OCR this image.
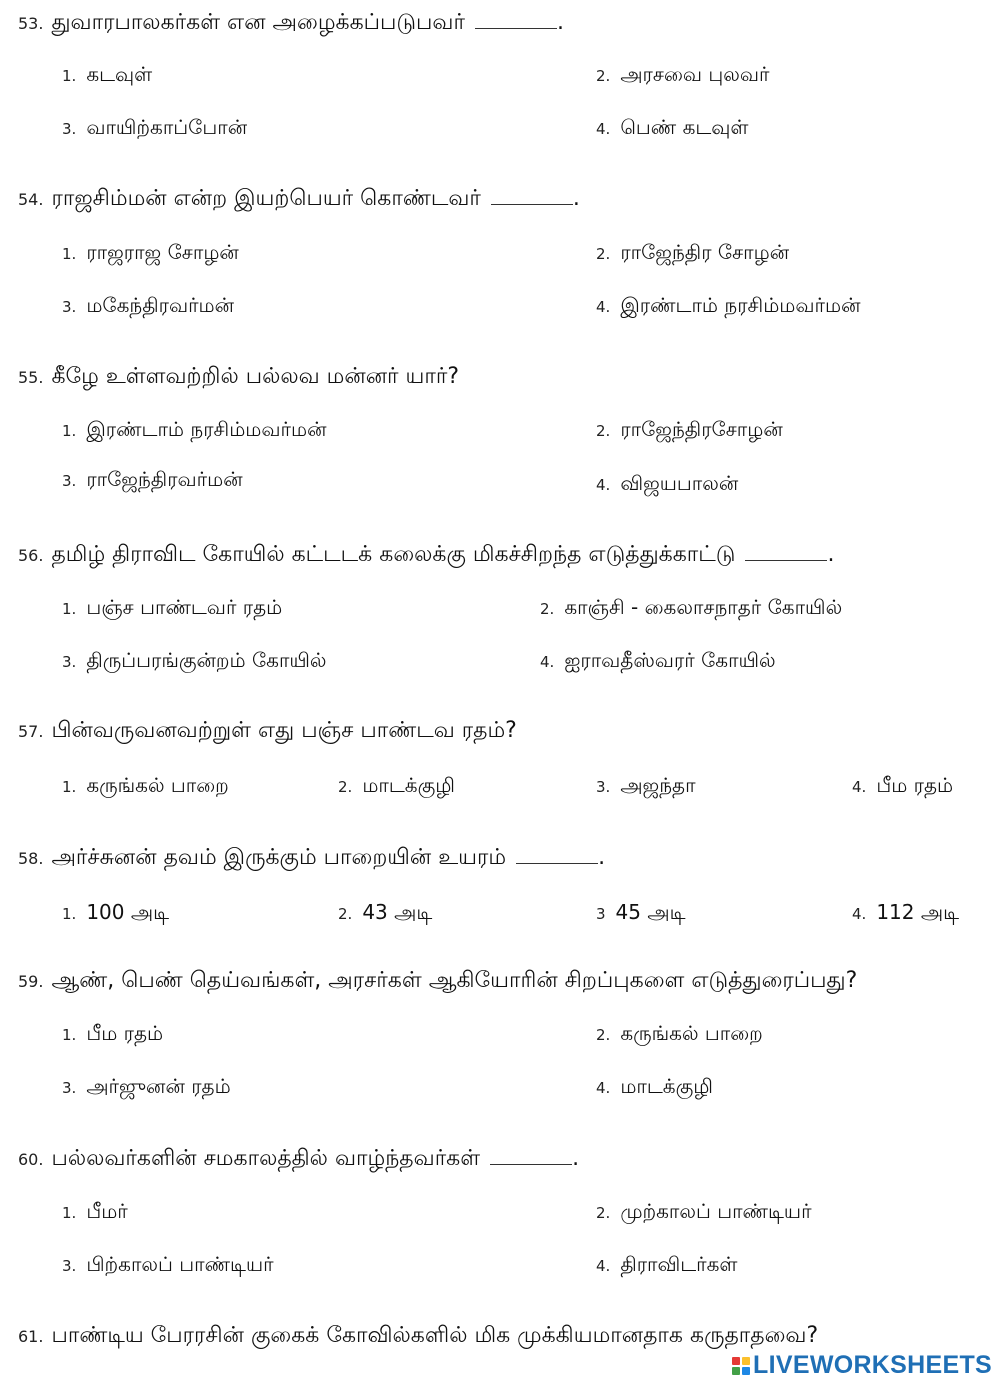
53. துவாரபாலகர்கள் என அழைக்கப்படுபவர்	.
1. கடவுள்	2. அரசவை புலவர்
3. வாயிற்காப்போன்	4. பெண் கடவுள்
54. ராஜசிம்மன் என்ற இயற்பெயர் கொண்டவர்	.
1. ராஜராஜ சோழன்	2. ராஜேந்திர சோழன்
3. மகேந்திரவர்மன்	4. இரண்டாம் நரசிம்மவர்மன்
55. கீழே உள்ளவற்றில் பல்லவ மன்னர் யார்?
1. இரண்டாம் நரசிம்மவர்மன்	2. ராஜேந்திரசோழன்
3. ராஜேந்திரவர்மன்	4. விஜயபாலன்
56. தமிழ் திராவிட கோயில் கட்டடக் கலைக்கு மிகச்சிறந்த எடுத்துக்காட்டு	.
1. பஞ்ச பாண்டவர் ரதம்	2. காஞ்சி - கைலாசநாதர் கோயில்
3. திருப்பரங்குன்றம் கோயில்	4. ஐராவதீஸ்வரர் கோயில்
57. பின்வருவனவற்றுள் எது பஞ்ச பாண்டவ ரதம்?
1. கருங்கல் பாறை	2. மாடக்குழி	3. அஜந்தா	4. பீம ரதம்
58. அர்ச்சுனன் தவம் இருக்கும் பாறையின் உயரம்	.
1. 100 அடி	2. 43 அடி	3 45 அடி	4. 112 அடி
59. ஆண், பெண் தெய்வங்கள், அரசர்கள் ஆகியோரின் சிறப்புகளை எடுத்துரைப்பது?
1. பீம ரதம்	2. கருங்கல் பாறை
3. அர்ஜுனன் ரதம்	4. மாடக்குழி
60. பல்லவர்களின் சமகாலத்தில் வாழ்ந்தவர்கள்	.
1. பீமர்	2. முற்காலப் பாண்டியர்
3. பிற்காலப் பாண்டியர்	4. திராவிடர்கள்
61. பாண்டிய பேரரசின் குகைக் கோவில்களில் மிக முக்கியமானதாக கருதாதவை?
LIVEWORKSHEETS
